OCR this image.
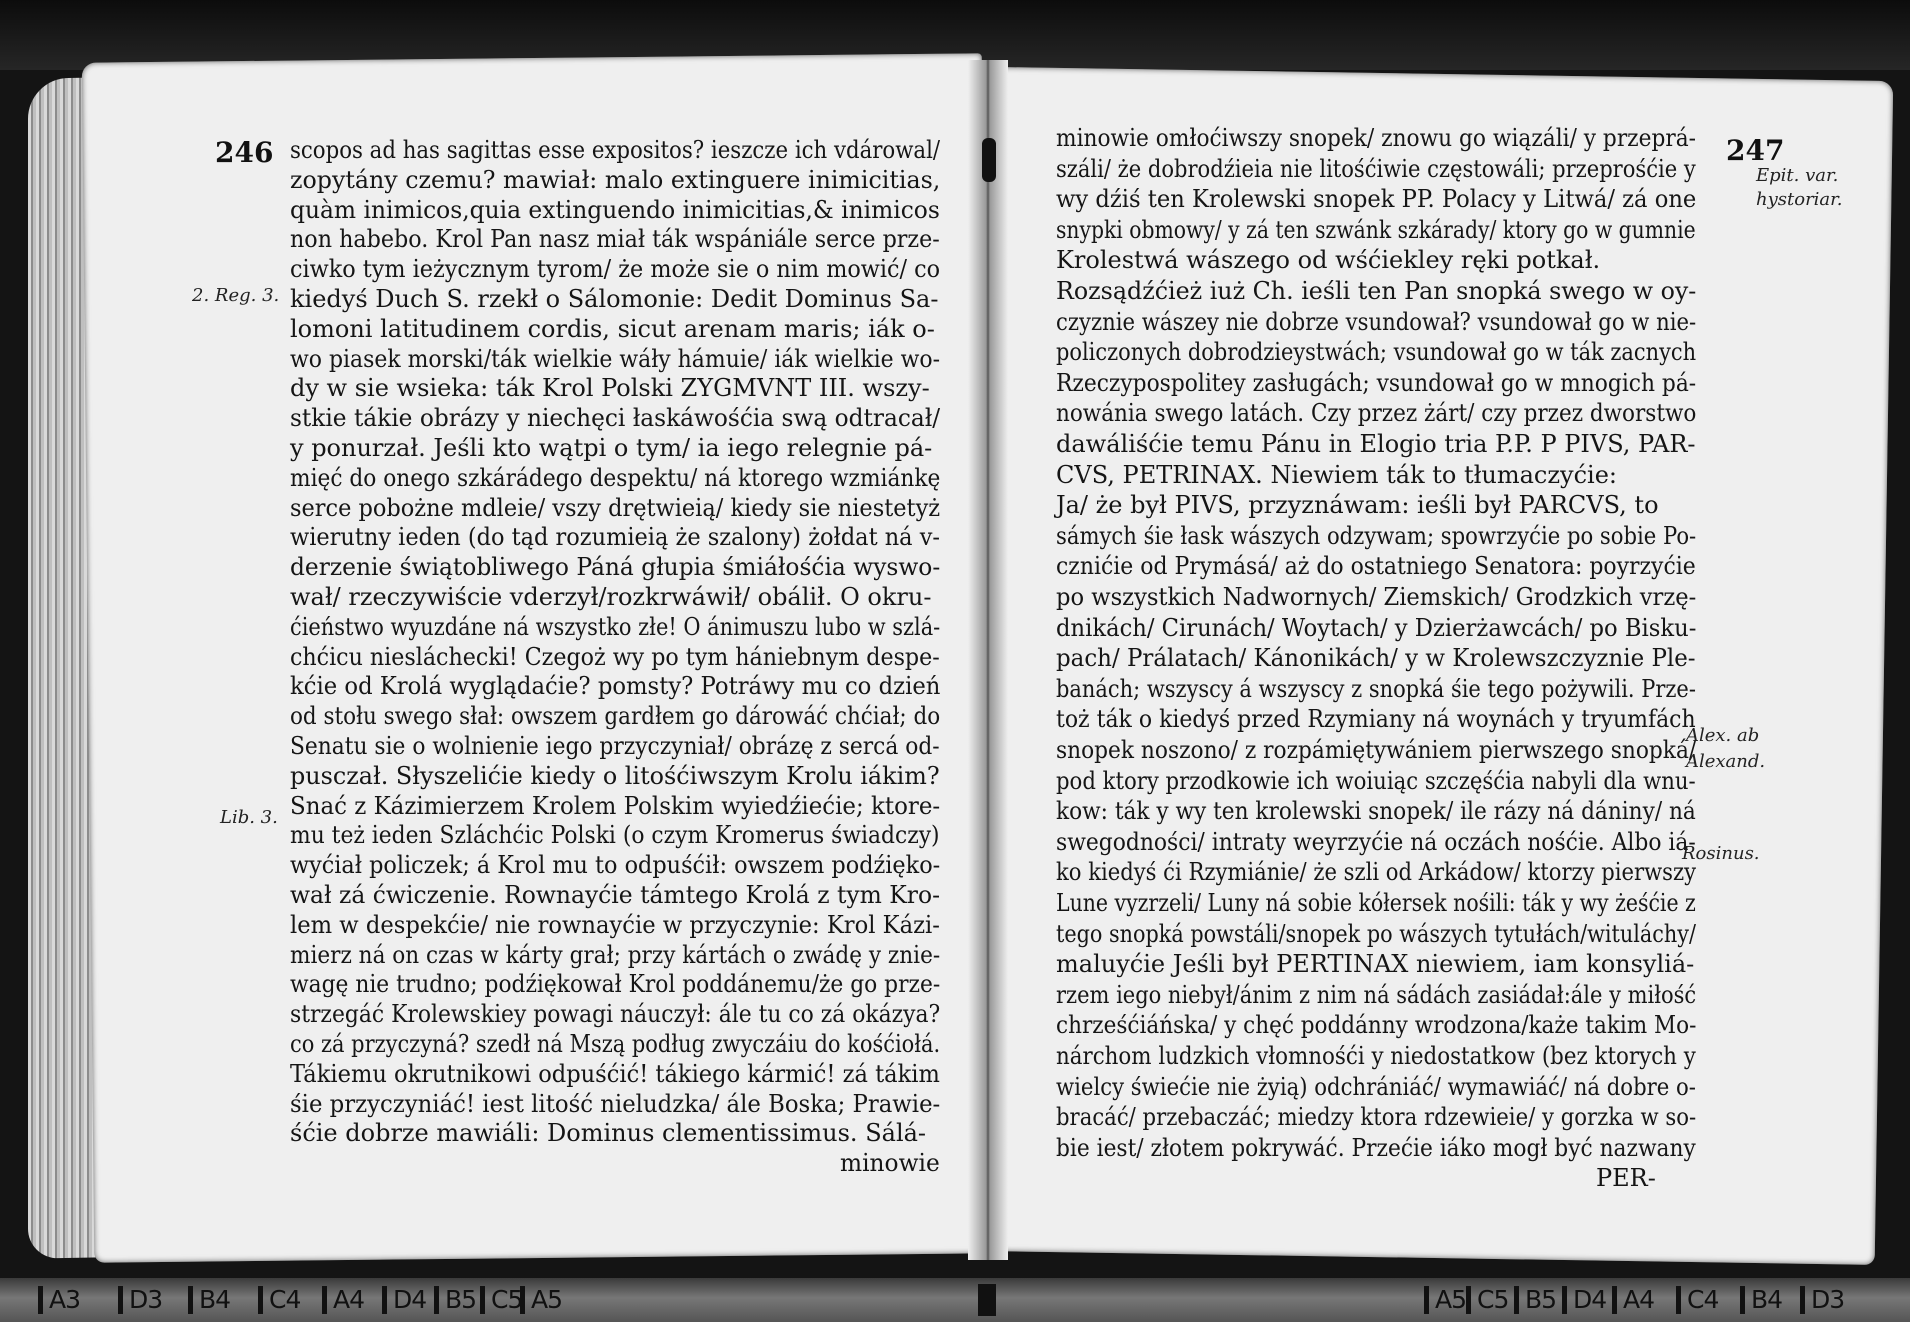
scopos ad has sagittas esse expositos? ieszcze ich vdárowal/
zopytány czemu? mawiał: malo extinguere inimicitias,
quàm inimicos,quia extinguendo inimicitias,& inimicos
non habebo. Krol Pan nasz miał ták wspániále serce prze-
ciwko tym ieżycznym tyrom/ że może sie o nim mowić/ co
kiedyś Duch S. rzekł o Sálomonie: Dedit Dominus Sa-
lomoni latitudinem cordis, sicut arenam maris; iák o-
wo piasek morski/ták wielkie wáły hámuie/ iák wielkie wo-
dy w sie wsieka: ták Krol Polski ZYGMVNT III. wszy-
stkie tákie obrázy y niechęci łaskáwośćia swą odtracał/
y ponurzał. Jeśli kto wątpi o tym/ ia iego relegnie pá-
mięć do onego szkárádego despektu/ ná ktorego wzmiánkę
serce pobożne mdleie/ vszy drętwieią/ kiedy sie niestetyż
wierutny ieden (do tąd rozumieią że szalony) żołdat ná v-
derzenie świątobliwego Páná głupia śmiáłośćia wyswo-
wał/ rzeczywiście vderzył/rozkrwáwił/ obálił. O okru-
ćieństwo wyuzdáne ná wszystko złe! O ánimuszu lubo w szlá-
chćicu niesláchecki! Czegoż wy po tym hániebnym despe-
kćie od Krolá wyglądaćie? pomsty? Potráwy mu co dzień
od stołu swego słał: owszem gardłem go dárowáć chćiał; do
Senatu sie o wolnienie iego przyczyniał/ obrázę z sercá od-
pusczał. Słyszelićie kiedy o litośćiwszym Krolu iákim?
Snać z Kázimierzem Krolem Polskim wyiedźiećie; ktore-
mu też ieden Szláchćic Polski (o czym Kromerus świadczy)
wyćiał policzek; á Krol mu to odpuśćił: owszem podźięko-
wał zá ćwiczenie. Rownayćie támtego Krolá z tym Kro-
lem w despekćie/ nie rownayćie w przyczynie: Krol Kázi-
mierz ná on czas w kárty grał; przy kártách o zwádę y znie-
wagę nie trudno; podźiękował Krol poddánemu/że go prze-
strzegáć Krolewskiey powagi náuczył: ále tu co zá okázya?
co zá przyczyná? szedł ná Mszą podług zwyczáiu do kośćiołá.
Tákiemu okrutnikowi odpuśćić! tákiego kármić! zá tákim
śie przyczyniáć! iest litość nieludzka/ ále Boska; Prawie-
śćie dobrze mawiáli: Dominus clementissimus. Sálá-
minowie
minowie omłoćiwszy snopek/ znowu go wiązáli/ y przeprá-
száli/ że dobrodźieia nie litośćiwie częstowáli; przeprośćie y
wy dźiś ten Krolewski snopek PP. Polacy y Litwá/ zá one
snypki obmowy/ y zá ten szwánk szkárady/ ktory go w gumnie
Krolestwá wászego od wśćiekley ręki potkał.
Rozsądźćież iuż Ch. ieśli ten Pan snopká swego w oy-
czyznie wászey nie dobrze vsundował? vsundował go w nie-
policzonych dobrodzieystwách; vsundował go w ták zacnych
Rzeczypospolitey zasługách; vsundował go w mnogich pá-
nowánia swego latách. Czy przez żárt/ czy przez dworstwo
dawáliśćie temu Pánu in Elogio tria P.P. P PIVS, PAR-
CVS, PETRINAX. Niewiem ták to tłumaczyćie:
Ja/ że był PIVS, przyznáwam: ieśli był PARCVS, to
sámych śie łask wászych odzywam; spowrzyćie po sobie Po-
cznićie od Prymásá/ aż do ostatniego Senatora: poyrzyćie
po wszystkich Nadwornych/ Ziemskich/ Grodzkich vrzę-
dnikách/ Cirunách/ Woytach/ y Dzierżawcách/ po Bisku-
pach/ Prálatach/ Kánonikách/ y w Krolewszczyznie Ple-
banách; wszyscy á wszyscy z snopká śie tego pożywili. Prze-
toż ták o kiedyś przed Rzymiany ná woynách y tryumfách
snopek noszono/ z rozpámiętywániem pierwszego snopká/
pod ktory przodkowie ich woiuiąc szczęśćia nabyli dla wnu-
kow: ták y wy ten krolewski snopek/ ile rázy ná dániny/ ná
swegodności/ intraty weyrzyćie ná oczách nośćie. Albo iá-
ko kiedyś ći Rzymiánie/ że szli od Arkádow/ ktorzy pierwszy
Lune vyzrzeli/ Luny ná sobie kółersek nośili: ták y wy żeśćie z
tego snopká powstáli/snopek po wászych tytułách/wituláchy/
maluyćie Jeśli był PERTINAX niewiem, iam konsyliá-
rzem iego niebył/ánim z nim ná sádách zasiádał:ále y miłość
chrześćiáńska/ y chęć poddánny wrodzona/każe takim Mo-
nárchom ludzkich vłomnośći y niedostatkow (bez ktorych y
wielcy świećie nie żyią) odchrániáć/ wymawiáć/ ná dobre o-
bracáć/ przebaczáć; miedzy ktora rdzewieie/ y gorzka w so-
bie iest/ złotem pokrywáć. Przećie iáko mogł być nazwany
PER-
246	247
2. Reg. 3.
Lib. 3.
Epit. var.
hystoriar.
Alex. ab
Alexand.
Rosinus.
A3	D3	B4	C4	A4	D4 B5 C5 A5	A5 C5 B5 D4 A4	C4	B4	D3
